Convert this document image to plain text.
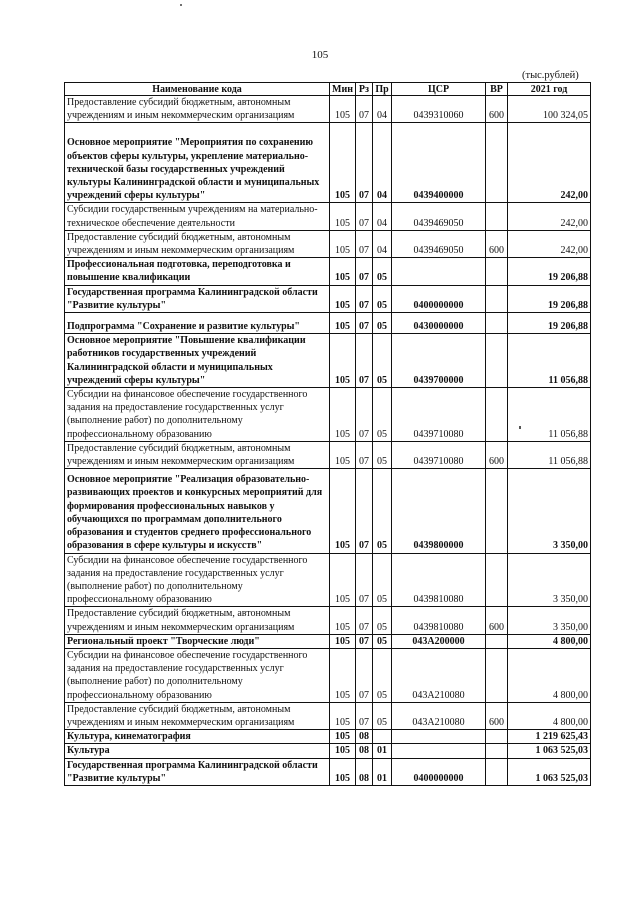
105
(тыс.рублей)
Наименование кода	Мин	Рз	Пр	ЦСР	ВР	2021 год
Предоставление субсидий бюджетным, автономным учреждениям и иным некоммерческим организациям	105	07	04	0439310060	600	100 324,05
Основное мероприятие "Мероприятия по сохранению объектов сферы культуры, укрепление материально-технической базы государственных учреждений культуры Калининградской области и муниципальных учреждений сферы культуры"	105	07	04	0439400000		242,00
Субсидии государственным учреждениям на материально-техническое обеспечение деятельности	105	07	04	0439469050		242,00
Предоставление субсидий бюджетным, автономным учреждениям и иным некоммерческим организациям	105	07	04	0439469050	600	242,00
Профессиональная подготовка, переподготовка и повышение квалификации	105	07	05			19 206,88
Государственная программа Калининградской области "Развитие культуры"	105	07	05	0400000000		19 206,88
Подпрограмма "Сохранение и развитие культуры"	105	07	05	0430000000		19 206,88
Основное мероприятие "Повышение квалификации работников государственных учреждений Калининградской области и муниципальных учреждений сферы культуры"	105	07	05	0439700000		11 056,88
Субсидии на финансовое обеспечение государственного задания на предоставление государственных услуг (выполнение работ) по дополнительному профессиональному образованию	105	07	05	0439710080		11 056,88
Предоставление субсидий бюджетным, автономным учреждениям и иным некоммерческим организациям	105	07	05	0439710080	600	11 056,88
Основное мероприятие "Реализация образовательно-развивающих проектов и конкурсных мероприятий для формирования профессиональных навыков у обучающихся по программам дополнительного образования и студентов среднего профессионального образования в сфере культуры и искусств"	105	07	05	0439800000		3 350,00
Субсидии на финансовое обеспечение государственного задания на предоставление государственных услуг (выполнение работ) по дополнительному профессиональному образованию	105	07	05	0439810080		3 350,00
Предоставление субсидий бюджетным, автономным учреждениям и иным некоммерческим организациям	105	07	05	0439810080	600	3 350,00
Региональный проект "Творческие люди"	105	07	05	043A200000		4 800,00
Субсидии на финансовое обеспечение государственного задания на предоставление государственных услуг (выполнение работ) по дополнительному профессиональному образованию	105	07	05	043A210080		4 800,00
Предоставление субсидий бюджетным, автономным учреждениям и иным некоммерческим организациям	105	07	05	043A210080	600	4 800,00
Культура, кинематография	105	08				1 219 625,43
Культура	105	08	01			1 063 525,03
Государственная программа Калининградской области "Развитие культуры"	105	08	01	0400000000		1 063 525,03
